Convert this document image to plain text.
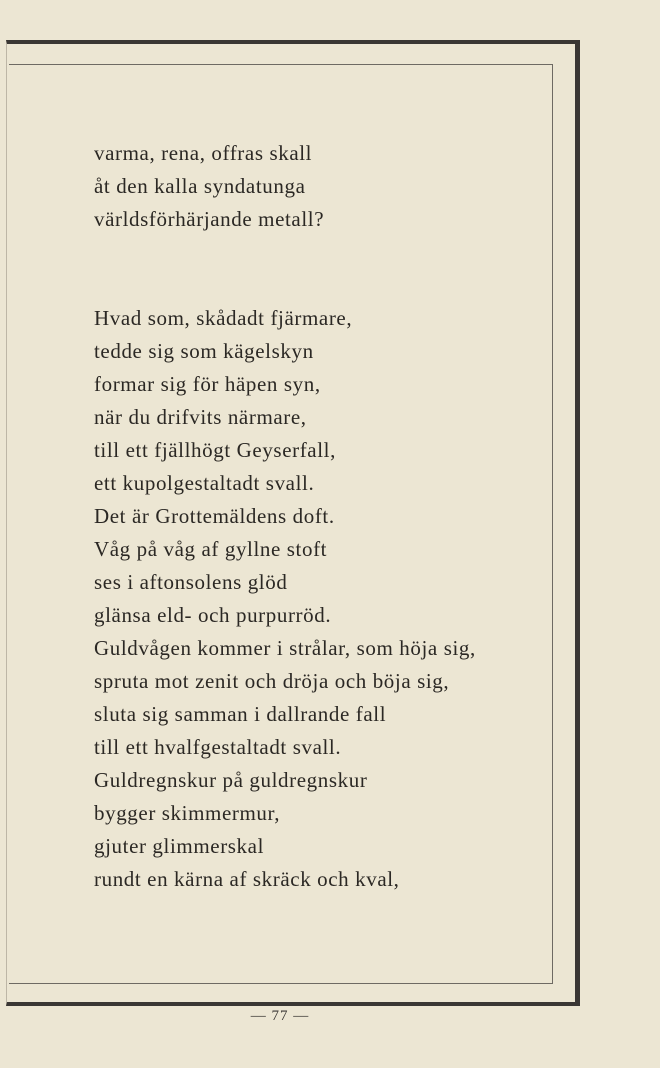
varma, rena, offras skall
åt den kalla syndatunga
världsförhärjande metall?
Hvad som, skådadt fjärmare,
tedde sig som kägelskyn
formar sig för häpen syn,
när du drifvits närmare,
till ett fjällhögt Geyserfall,
ett kupolgestaltadt svall.
Det är Grottemäldens doft.
Våg på våg af gyllne stoft
ses i aftonsolens glöd
glänsa eld- och purpurröd.
Guldvågen kommer i strålar, som höja sig,
spruta mot zenit och dröja och böja sig,
sluta sig samman i dallrande fall
till ett hvalfgestaltadt svall.
Guldregnskur på guldregnskur
bygger skimmermur,
gjuter glimmerskal
rundt en kärna af skräck och kval,
— 77 —
